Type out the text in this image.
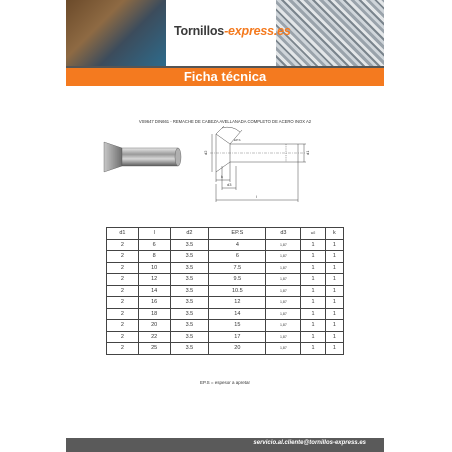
Tornillos-express.es
Ficha técnica
VS9647 DIN661 - REMACHE DE CABEZA AVELLANADA COMPLETO DE ACERO INOX A2
d2	d1
k
d3
l
EP.S
d1	l	d2	EP.S	d3	w2	k
2	6	3.5	4	1,87	1	1
2	8	3.5	6	1,87	1	1
2	10	3.5	7.5	1,87	1	1
2	12	3.5	9.5	1,87	1	1
2	14	3.5	10.5	1,87	1	1
2	16	3.5	12	1,87	1	1
2	18	3.5	14	1,87	1	1
2	20	3.5	15	1,87	1	1
2	22	3.5	17	1,87	1	1
2	25	3.5	20	1,87	1	1
EP.S = espesor a apretar
servicio.al.cliente@tornillos-express.es
